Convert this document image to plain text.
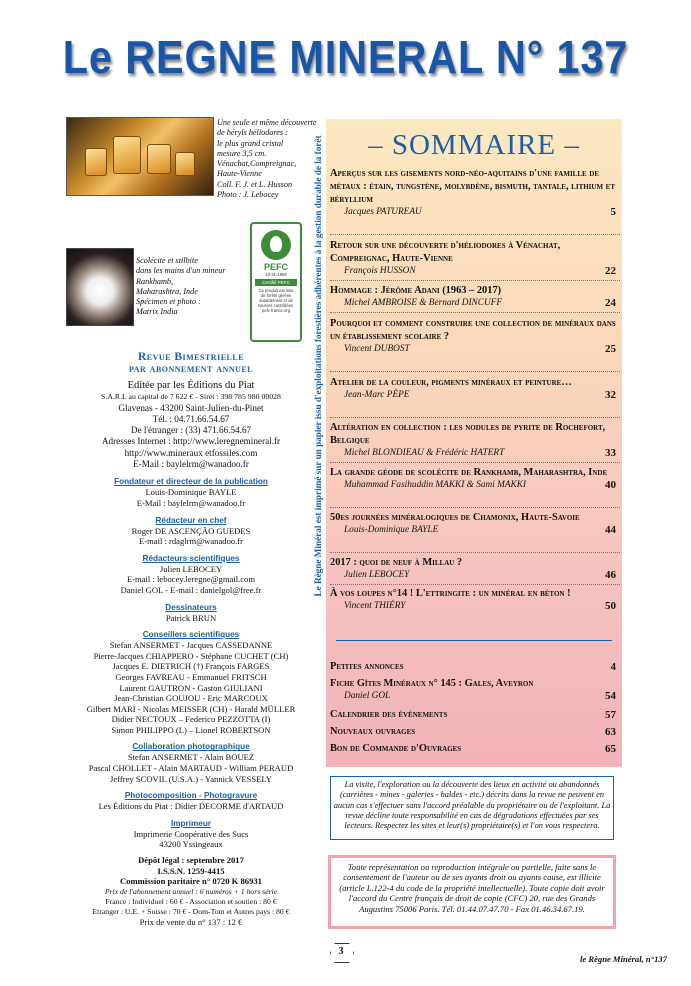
Le REGNE MINERAL N° 137
Une seule et même découverte
de béryls héliodores :
le plus grand cristal
mesure 3,5 cm.
Vénachat,Compreignac,
Haute-Vienne
Coll. F. J. et L. Husson
Photo : J. Lebocey
Scolécite et stilbite
dans les mains d'un mineur
Rankhamb,
Maharashtra, Inde
Spécimen et photo :
Matrix India
PEFC
10-31-1669
Certifié PEFC
Ce produit est issu
de forêts gérées
durablement et de
sources contrôlées.
pefc-france.org
Revue Bimestrielle
par abonnement annuel
Editée par les Éditions du Piat
S.A.R.L au capital de 7 622 € - Siret : 398 785 980 00028
Glavenas - 43200 Saint-Julien-du-Pinet
Tél. : 04.71.66.54.67
De l'étranger : (33) 471.66.54.67
Adresses Internet : http://www.leregnemineral.fr
http://www.mineraux etfossiles.com
E-Mail : baylelrm@wanadoo.fr
Fondateur et directeur de la publication
Louis-Dominique BAYLE
E-Mail : baylelrm@wanadoo.fr
Rédacteur en chef
Roger DE ASCENÇÃO GUEDES
E-mail : rdaglrm@wanadoo.fr
Rédacteurs scientifiques
Julien LEBOCEY
E-mail : lebocey.leregne@gmail.com
Daniel GOL - E-mail : danielgol@free.fr
Dessinateurs
Patrick BRUN
Conseillers scientifiques
Stefan ANSERMET - Jacques CASSEDANNE
Pierre-Jacques CHIAPPERO - Stéphane CUCHET (CH)
Jacques E. DIETRICH (†) François FARGES
Georges FAVREAU - Emmanuel FRITSCH
Laurent GAUTRON - Gaston GIULIANI
Jean-Christian GOUJOU - Eric MARCOUX
Gilbert MARI - Nicolas MEISSER (CH) - Harald MÜLLER
Didier NECTOUX – Federico PEZZOTTA (I)
Simon PHILIPPO (L) – Lionel ROBERTSON
Collaboration photographique
Stefan ANSERMET - Alain BOUEZ
Pascal CHOLLET - Alain MARTAUD - William PERAUD
Jeffrey SCOVIL (U.S.A.) - Yannick VESSELY
Photocomposition - Photogravure
Les Éditions du Piat : Didier DECORME d'ARTAUD
Imprimeur
Imprimerie Coopérative des Sucs
43200 Yssingeaux
Dépôt légal : septembre 2017
I.S.S.N. 1259-4415
Commission paritaire n° 0720 K 86931
Prix de l'abonnement annuel : 6 numéros + 1 hors série
France : Individuel : 60 € - Association et soutien : 80 €
Etranger : U.E. + Suisse : 70 € - Dom-Tom et Autres pays : 80 €
Prix de vente du n° 137 : 12 €
Le Règne Minéral est imprimé sur un papier issu d'exploitations forestières adhérentes à la gestion durable de la forêt	– SOMMAIRE –
Aperçus sur les gisements nord-néo-aquitains d'une famille de métaux : étain, tungstène, molybdène, bismuth, tantale, lithium et béryllium
Jacques PATUREAU	5
Retour sur une découverte d'héliodores à Vénachat, Compreignac, Haute-Vienne
François HUSSON	22
Hommage : Jérôme Adani (1963 – 2017)
Michel AMBROISE & Bernard DINCUFF	24
Pourquoi et comment construire une collection de minéraux dans un établissement scolaire ?
Vincent DUBOST	25
Atelier de la couleur, pigments minéraux et peinture…
Jean-Marc PÈPE	32
Altération en collection : les nodules de pyrite de Rochefort, Belgique
Michel BLONDIEAU & Frédéric HATERT	33
La grande géode de scolécite de Rankhamb, Maharashtra, Inde
Muhammad Fasihuddin MAKKI & Sami MAKKI	40
50es journées minéralogiques de Chamonix, Haute-Savoie
Louis-Dominique BAYLE	44
2017 : quoi de neuf à Millau ?
Julien LEBOCEY	46
À vos loupes n°14 ! L'ettringite : un minéral en béton !
Vincent THIÉRY	50
Petites annonces	4
Fiche Gîtes Minéraux n° 145 : Gales, Aveyron
Daniel GOL	54
Calendrier des évènements	57
Nouveaux ouvrages	63
Bon de Commande d'Ouvrages	65
La visite, l'exploration ou la découverte des lieux en activité ou abandonnés (carrières - mines - galeries - haldes - etc.) décrits dans la revue ne peuvent en aucun cas s'effectuer sans l'accord préalable du propriétaire ou de l'exploitant. La revue décline toute responsabilité en cas de dégradations effectuées par ses lecteurs. Respectez les sites et leur(s) propriétaire(s) et l'on vous respectera.
Toute représentation ou reproduction intégrale ou partielle, faite sans le consentement de l'auteur ou de ses ayants droit ou ayants cause, est illicite (article L.122-4 du code de la propriété intellectuelle). Toute copie doit avoir l'accord du Centre français de droit de copie (CFC) 20, rue des Grands Augustins 75006 Paris. Tél. 01.44.07.47.70 - Fax 01.46.34.67.19.
3
le Règne Minéral, n°137
